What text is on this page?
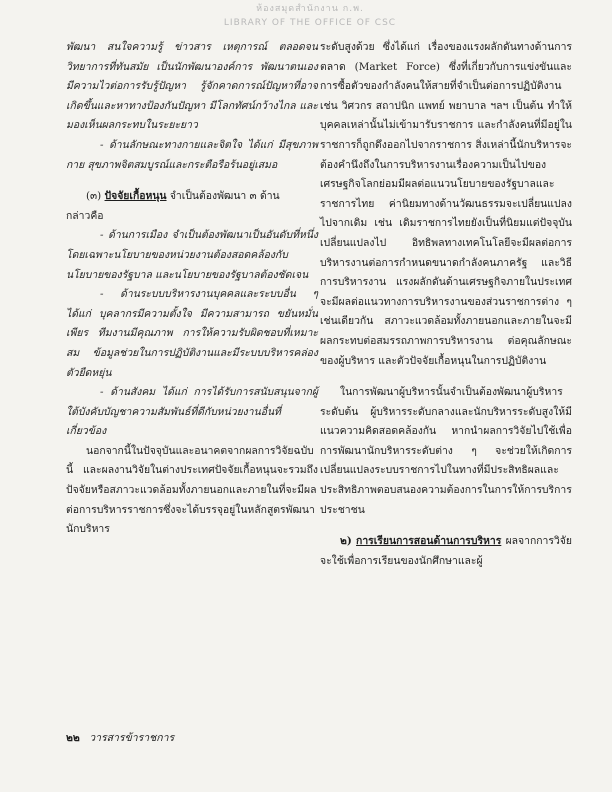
ห้องสมุดสำนักงาน ก.พ.
LIBRARY OF THE OFFICE OF CSC

พัฒนา สนใจความรู้ ข่าวสาร เหตุการณ์ ตลอดจนวิทยาการที่ทันสมัย เป็นนักพัฒนาองค์การ พัฒนาตนเอง มีความไวต่อการรับรู้ปัญหา รู้จักคาดการณ์ปัญหาที่อาจเกิดขึ้นและหาทางป้องกันปัญหา มีโลกทัศน์กว้างไกล และมองเห็นผลกระทบในระยะยาว

- ด้านลักษณะทางกายและจิตใจ ได้แก่ มีสุขภาพกาย สุขภาพจิตสมบูรณ์และกระตือรือร้นอยู่เสมอ

(๓) ปัจจัยเกื้อหนุน จำเป็นต้องพัฒนา ๓ ด้าน

กล่าวคือ

- ด้านการเมือง จำเป็นต้องพัฒนาเป็นอันดับที่หนึ่ง โดยเฉพาะนโยบายของหน่วยงานต้องสอดคล้องกับนโยบายของรัฐบาล และนโยบายของรัฐบาลต้องชัดเจน

- ด้านระบบบริหารงานบุคคลและระบบอื่น ๆ ได้แก่ บุคลากรมีความตั้งใจ มีความสามารถ ขยันหมั่นเพียร ทีมงานมีคุณภาพ การให้ความรับผิดชอบที่เหมาะสม ข้อมูลช่วยในการปฏิบัติงานและมีระบบบริหารคล่องตัวยืดหยุ่น

- ด้านสังคม ได้แก่ การได้รับการสนับสนุนจากผู้ใต้บังคับบัญชาความสัมพันธ์ที่ดีกับหน่วยงานอื่นที่เกี่ยวข้อง

นอกจากนี้ในปัจจุบันและอนาคตจากผลการวิจัยฉบับนี้ และผลงานวิจัยในต่างประเทศปัจจัยเกื้อหนุนจะรวมถึงปัจจัยหรือสภาวะแวดล้อมทั้งภายนอกและภายในที่จะมีผลต่อการบริหารราชการซึ่งจะได้บรรจุอยู่ในหลักสูตรพัฒนานักบริหาร

ระดับสูงด้วย ซึ่งได้แก่ เรื่องของแรงผลักดันทางด้านการตลาด (Market Force) ซึ่งที่เกี่ยวกับการแข่งขันและการซื้อตัวของกำลังคนให้สายที่จำเป็นต่อการปฏิบัติงาน เช่น วิศวกร สถาปนิก แพทย์ พยาบาล ฯลฯ เป็นต้น ทำให้บุคคลเหล่านั้นไม่เข้ามารับราชการ และกำลังคนที่มีอยู่ในราชการก็ถูกดึงออกไปจากราชการ สิ่งเหล่านี้นักบริหารจะต้องคำนึงถึงในการบริหารงานเรื่องความเป็นไปของเศรษฐกิจโลกย่อมมีผลต่อแนวนโยบายของรัฐบาลและราชการไทย ค่านิยมทางด้านวัฒนธรรมจะเปลี่ยนแปลงไปจากเดิม เช่น เดิมราชการไทยยังเป็นที่นิยมแต่ปัจจุบันเปลี่ยนแปลงไป อิทธิพลทางเทคโนโลยีจะมีผลต่อการบริหารงานต่อการกำหนดขนาดกำลังคนภาครัฐ และวิธีการบริหารงาน แรงผลักดันด้านเศรษฐกิจภายในประเทศ จะมีผลต่อแนวทางการบริหารงานของส่วนราชการต่าง ๆ เช่นเดียวกัน สภาวะแวดล้อมทั้งภายนอกและภายในจะมีผลกระทบต่อสมรรถภาพการบริหารงาน ต่อคุณลักษณะของผู้บริหาร และตัวปัจจัยเกื้อหนุนในการปฏิบัติงาน

ในการพัฒนาผู้บริหารนั้นจำเป็นต้องพัฒนาผู้บริหารระดับต้น ผู้บริหารระดับกลางและนักบริหารระดับสูงให้มีแนวความคิดสอดคล้องกัน หากนำผลการวิจัยไปใช้เพื่อการพัฒนานักบริหารระดับต่าง ๆ จะช่วยให้เกิดการเปลี่ยนแปลงระบบราชการไปในทางที่มีประสิทธิผลและประสิทธิภาพตอบสนองความต้องการในการให้การบริการประชาชน

๒) การเรียนการสอนด้านการบริหาร ผลจากการวิจัยจะใช้เพื่อการเรียนของนักศึกษาและผู้

๒๒ วารสารข้าราชการ
